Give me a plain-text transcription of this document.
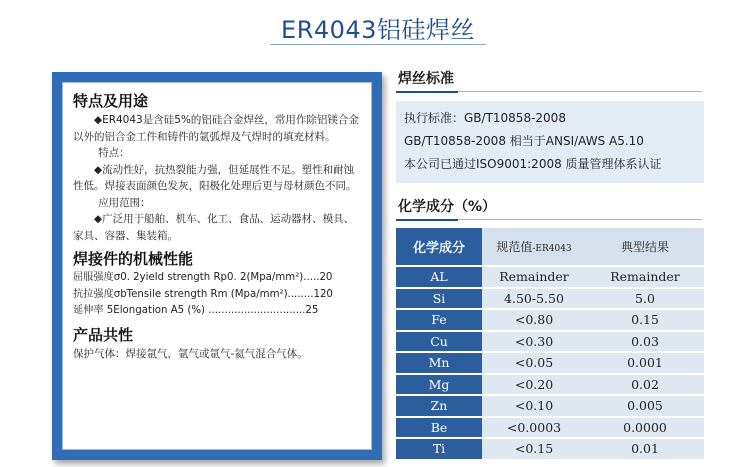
ER4043铝硅焊丝
特点及用途

◆ER4043是含硅5%的铝硅合金焊丝，常用作除铝镁合金以外的铝合金工件和铸件的氩弧焊及气焊时的填充材料。

特点：

◆流动性好，抗热裂能力强，但延展性不足。塑性和耐蚀性低。焊接表面颜色发灰，阳极化处理后更与母材颜色不同。

应用范围：

◆广泛用于船舶、机车、化工、食品、运动器材、模具、家具、容器、集装箱。

焊接件的机械性能

屈服强度σ0. 2yield strength Rp0. 2(Mpa/mm²).....20

抗拉强度σbTensile strength Rm (Mpa/mm²)........120

延伸率 5Elongation A5 (%) ..............................25

产品共性

保护气体：焊接氩气，氩气或氩气-氦气混合气体。

焊丝标准
执行标准：GB/T10858-2008
GB/T10858-2008 相当于ANSI/AWS A5.10
本公司已通过ISO9001:2008 质量管理体系认证
化学成分（%）
化学成分	规范值-ER4043	典型结果
AL	Remainder	Remainder
Si	4.50-5.50	5.0
Fe	<0.80	0.15
Cu	<0.30	0.03
Mn	<0.05	0.001
Mg	<0.20	0.02
Zn	<0.10	0.005
Be	<0.0003	0.0000
Ti	<0.15	0.01
